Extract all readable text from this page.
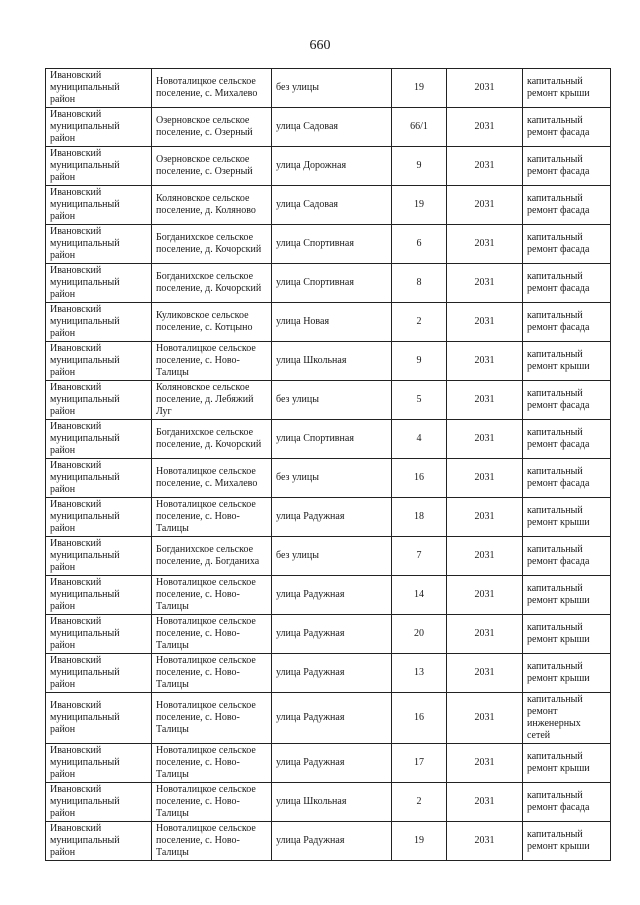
660
Ивановский муниципальный район	Новоталицкое сельское поселение, с. Михалево	без улицы	19	2031	капитальный ремонт крыши
Ивановский муниципальный район	Озерновское сельское поселение, с. Озерный	улица Садовая	66/1	2031	капитальный ремонт фасада
Ивановский муниципальный район	Озерновское сельское поселение, с. Озерный	улица Дорожная	9	2031	капитальный ремонт фасада
Ивановский муниципальный район	Коляновское сельское поселение, д. Коляново	улица Садовая	19	2031	капитальный ремонт фасада
Ивановский муниципальный район	Богданихское сельское поселение, д. Кочорский	улица Спортивная	6	2031	капитальный ремонт фасада
Ивановский муниципальный район	Богданихское сельское поселение, д. Кочорский	улица Спортивная	8	2031	капитальный ремонт фасада
Ивановский муниципальный район	Куликовское сельское поселение, с. Котцыно	улица Новая	2	2031	капитальный ремонт фасада
Ивановский муниципальный район	Новоталицкое сельское поселение, с. Ново-Талицы	улица Школьная	9	2031	капитальный ремонт крыши
Ивановский муниципальный район	Коляновское сельское поселение, д. Лебяжий Луг	без улицы	5	2031	капитальный ремонт фасада
Ивановский муниципальный район	Богданихское сельское поселение, д. Кочорский	улица Спортивная	4	2031	капитальный ремонт фасада
Ивановский муниципальный район	Новоталицкое сельское поселение, с. Михалево	без улицы	16	2031	капитальный ремонт фасада
Ивановский муниципальный район	Новоталицкое сельское поселение, с. Ново-Талицы	улица Радужная	18	2031	капитальный ремонт крыши
Ивановский муниципальный район	Богданихское сельское поселение, д. Богданиха	без улицы	7	2031	капитальный ремонт фасада
Ивановский муниципальный район	Новоталицкое сельское поселение, с. Ново-Талицы	улица Радужная	14	2031	капитальный ремонт крыши
Ивановский муниципальный район	Новоталицкое сельское поселение, с. Ново-Талицы	улица Радужная	20	2031	капитальный ремонт крыши
Ивановский муниципальный район	Новоталицкое сельское поселение, с. Ново-Талицы	улица Радужная	13	2031	капитальный ремонт крыши
Ивановский муниципальный район	Новоталицкое сельское поселение, с. Ново-Талицы	улица Радужная	16	2031	капитальный ремонт инженерных сетей
Ивановский муниципальный район	Новоталицкое сельское поселение, с. Ново-Талицы	улица Радужная	17	2031	капитальный ремонт крыши
Ивановский муниципальный район	Новоталицкое сельское поселение, с. Ново-Талицы	улица Школьная	2	2031	капитальный ремонт фасада
Ивановский муниципальный район	Новоталицкое сельское поселение, с. Ново-Талицы	улица Радужная	19	2031	капитальный ремонт крыши
